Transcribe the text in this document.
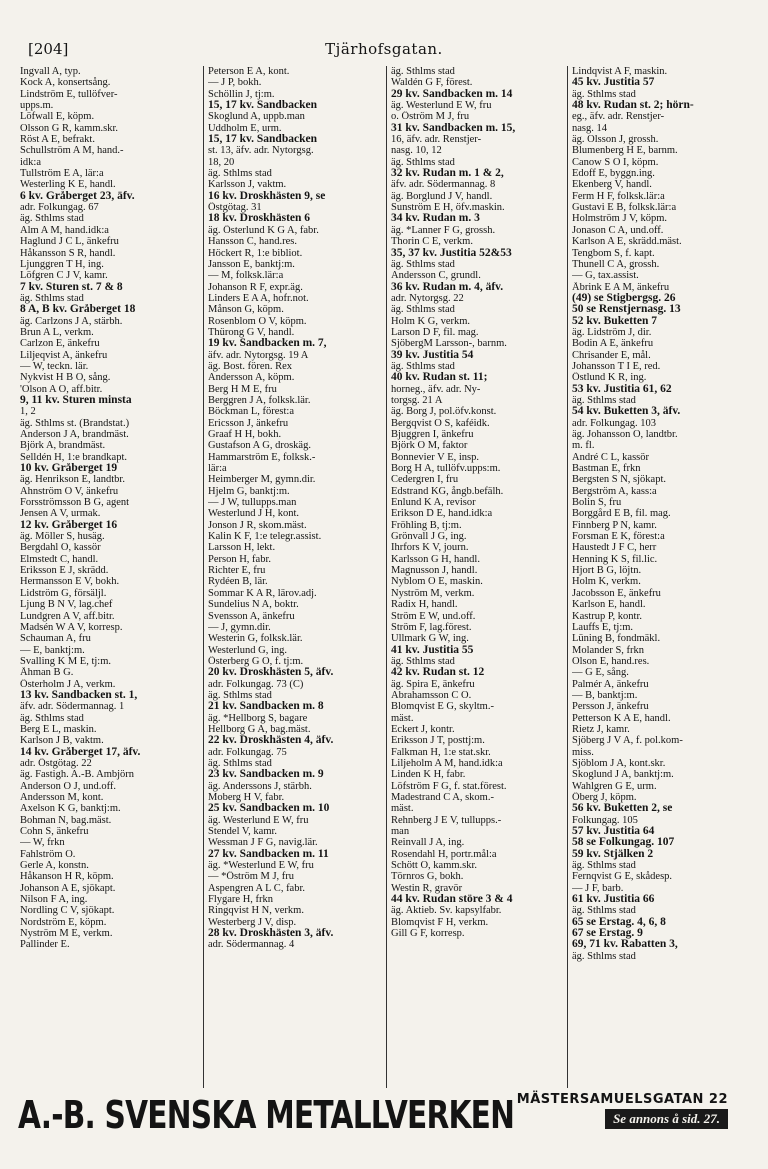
[204]	Tjärhofsgatan.
Ingvall A, typ.
Kock A, konsertsång.
Lindström E, tullöfver-
upps.m.
Löfwall E, köpm.
Olsson G R, kamm.skr.
Röst A E, befrakt.
Schullström A M, hand.-
idk:a
Tullström E A, lär:a
Westerling K E, handl.
6 kv. Gråberget 23, äfv.
adr. Folkungag. 67
äg. Sthlms stad
Alm A M, hand.idk:a
Haglund J C L, änkefru
Håkansson S R, handl.
Ljunggren T H, ing.
Löfgren C J V, kamr.
7 kv. Sturen st. 7 & 8
äg. Sthlms stad
8 A, B kv. Gråberget 18
äg. Carlzons J A, stärbh.
Brun A L, verkm.
Carlzon E, änkefru
Liljeqvist A, änkefru
— W, teckn. lär.
Nykvist H B O, sång.
'Olson A O, aff.bitr.
9, 11 kv. Sturen minsta
1, 2
äg. Sthlms st. (Brandstat.)
Anderson J A, brandmäst.
Björk A, brandmäst.
Selldén H, 1:e brandkapt.
10 kv. Gråberget 19
äg. Henrikson E, landtbr.
Ahnström O V, änkefru
Forsströmsson B G, agent
Jensen A V, urmak.
12 kv. Gråberget 16
äg. Möller S, husäg.
Bergdahl O, kassör
Elmstedt C, handl.
Eriksson E J, skrädd.
Hermansson E V, bokh.
Lidström G, försäljl.
Ljung B N V, lag.chef
Lundgren A V, aff.bitr.
Madsén W A V, korresp.
Schauman A, fru
— E, banktj:m.
Svalling K M E, tj:m.
Åhman B G.
Österholm J A, verkm.
13 kv. Sandbacken st. 1,
äfv. adr. Södermannag. 1
äg. Sthlms stad
Berg E L, maskin.
Karlson J B, vaktm.
14 kv. Gråberget 17, äfv.
adr. Östgötag. 22
äg. Fastigh. A.-B. Ambjörn
Anderson O J, und.off.
Andersson M, kont.
Axelson K G, banktj:m.
Bohman N, bag.mäst.
Cohn S, änkefru
— W, frkn
Fahlström O.
Gerle A, konstn.
Håkanson H R, köpm.
Johanson A E, sjökapt.
Nilson F A, ing.
Nordling C V, sjökapt.
Nordström E, köpm.
Nyström M E, verkm.
Pallinder E.
Peterson E A, kont.
— J P, bokh.
Schöllin J, tj:m.
15, 17 kv. Sandbacken
Skoglund A, uppb.man
Uddholm E, urm.
15, 17 kv. Sandbacken
st. 13, äfv. adr. Nytorgsg.
18, 20
äg. Sthlms stad
Karlsson J, vaktm.
16 kv. Droskhästen 9, se
Östgötag. 31
18 kv. Droskhästen 6
äg. Österlund K G A, fabr.
Hansson C, hand.res.
Höckert R, 1:e bibliot.
Jansson E, banktj:m.
— M, folksk.lär:a
Johanson R F, expr.äg.
Linders E A A, hofr.not.
Månson G, köpm.
Rosenblom O V, köpm.
Thürong G V, handl.
19 kv. Sandbacken m. 7,
äfv. adr. Nytorgsg. 19 A
äg. Bost. fören. Rex
Andersson A, köpm.
Berg H M E, fru
Berggren J A, folksk.lär.
Böckman L, förest:a
Ericsson J, änkefru
Graaf H H, bokh.
Gustafson A G, droskäg.
Hammarström E, folksk.-
lär:a
Heimberger M, gymn.dir.
Hjelm G, banktj:m.
— J W, tullupps.man
Westerlund J H, kont.
Jonson J R, skom.mäst.
Kalin K F, 1:e telegr.assist.
Larsson H, lekt.
Person H, fabr.
Richter E, fru
Rydéen B, lär.
Sommar K A R, lärov.adj.
Sundelius N A, boktr.
Svensson A, änkefru
— J, gymn.dir.
Westerin G, folksk.lär.
Westerlund G, ing.
Österberg G O, f. tj:m.
20 kv. Droskhästen 5, äfv.
adr. Folkungag. 73 (C)
äg. Sthlms stad
21 kv. Sandbacken m. 8
äg. *Hellborg S, bagare
Hellborg G A, bag.mäst.
22 kv. Droskhästen 4, äfv.
adr. Folkungag. 75
äg. Sthlms stad
23 kv. Sandbacken m. 9
äg. Anderssons J, stärbh.
Moberg H V, fabr.
25 kv. Sandbacken m. 10
äg. Westerlund E W, fru
Stendel V, kamr.
Wessman J F G, navig.lär.
27 kv. Sandbacken m. 11
äg. *Westerlund E W, fru
— *Öström M J, fru
Aspengren A L C, fabr.
Flygare H, frkn
Ringqvist H N, verkm.
Westerberg J V, disp.
28 kv. Droskhästen 3, äfv.
adr. Södermannag. 4
äg. Sthlms stad
Waldén G F, förest.
29 kv. Sandbacken m. 14
äg. Westerlund E W, fru
o. Öström M J, fru
31 kv. Sandbacken m. 15,
16, äfv. adr. Renstjer-
nasg. 10, 12
äg. Sthlms stad
32 kv. Rudan m. 1 & 2,
äfv. adr. Södermannag. 8
äg. Borglund J V, handl.
Sunström E H, öfv.maskin.
34 kv. Rudan m. 3
äg. *Lanner F G, grossh.
Thorin C E, verkm.
35, 37 kv. Justitia 52&53
äg. Sthlms stad
Andersson C, grundl.
36 kv. Rudan m. 4, äfv.
adr. Nytorgsg. 22
äg. Sthlms stad
Holm K G, verkm.
Larson D F, fil. mag.
SjöbergM Larsson-, barnm.
39 kv. Justitia 54
äg. Sthlms stad
40 kv. Rudan st. 11;
horneg., äfv. adr. Ny-
torgsg. 21 A
äg. Borg J, pol.öfv.konst.
Bergqvist O S, kaféidk.
Bjuggren I, änkefru
Björk O M, faktor
Bonnevier V E, insp.
Borg H A, tullöfv.upps:m.
Cedergren I, fru
Edstrand KG, ångb.befälh.
Enlund K A, revisor
Erikson D E, hand.idk:a
Fröhling B, tj:m.
Grönvall J G, ing.
Ihrfors K V, journ.
Karlsson G H, handl.
Magnusson J, handl.
Nyblom O E, maskin.
Nyström M, verkm.
Radix H, handl.
Ström E W, und.off.
Ström F, lag.förest.
Ullmark G W, ing.
41 kv. Justitia 55
äg. Sthlms stad
42 kv. Rudan st. 12
äg. Spira E, änkefru
Abrahamsson C O.
Blomqvist E G, skyltm.-
mäst.
Eckert J, kontr.
Eriksson J T, posttj:m.
Falkman H, 1:e stat.skr.
Liljeholm A M, hand.idk:a
Linden K H, fabr.
Löfström F G, f. stat.förest.
Madestrand C A, skom.-
mäst.
Rehnberg J E V, tullupps.-
man
Reinvall J A, ing.
Rosendahl H, portr.mål:a
Schött O, kamm.skr.
Törnros G, bokh.
Westin R, gravör
44 kv. Rudan störe 3 & 4
äg. Aktieb. Sv. kapsylfabr.
Blomqvist F H, verkm.
Gill G F, korresp.
Lindqvist A F, maskin.
45 kv. Justitia 57
äg. Sthlms stad
48 kv. Rudan st. 2; hörn-
eg., äfv. adr. Renstjer-
nasg. 14
äg. Olsson J, grossh.
Blumenberg H E, barnm.
Canow S O I, köpm.
Edoff E, byggn.ing.
Ekenberg V, handl.
Ferm H F, folksk.lär:a
Gustavi E B, folksk.lär:a
Holmström J V, köpm.
Jonason C A, und.off.
Karlson A E, skrädd.mäst.
Tengbom S, f. kapt.
Thunell C A, grossh.
— G, tax.assist.
Åbrink E A M, änkefru
(49) se Stigbergsg. 26
50 se Renstjernasg. 13
52 kv. Buketten 7
äg. Lidström J, dir.
Bodin A E, änkefru
Chrisander E, mål.
Johansson T I E, red.
Östlund K R, ing.
53 kv. Justitia 61, 62
äg. Sthlms stad
54 kv. Buketten 3, äfv.
adr. Folkungag. 103
äg. Johansson O, landtbr.
m. fl.
André C L, kassör
Bastman E, frkn
Bergsten S N, sjökapt.
Bergström A, kass:a
Bolin S, fru
Borggård E B, fil. mag.
Finnberg P N, kamr.
Forsman E K, förest:a
Haustedt J F C, herr
Henning K S, fil.lic.
Hjort B G, löjtn.
Holm K, verkm.
Jacobsson E, änkefru
Karlson E, handl.
Kastrup P, kontr.
Lauffs E, tj:m.
Lüning B, fondmäkl.
Molander S, frkn
Olson E, hand.res.
— G E, sång.
Palmér A, änkefru
— B, banktj:m.
Persson J, änkefru
Petterson K A E, handl.
Rietz J, kamr.
Sjöberg J V A, f. pol.kom-
miss.
Sjöblom J A, kont.skr.
Skoglund J A, banktj:m.
Wahlgren G E, urm.
Öberg J, köpm.
56 kv. Buketten 2, se
Folkungag. 105
57 kv. Justitia 64
58 se Folkungag. 107
59 kv. Stjälken 2
äg. Sthlms stad
Fernqvist G E, skådesp.
— J F, barb.
61 kv. Justitia 66
äg. Sthlms stad
65 se Erstag. 4, 6, 8
67 se Erstag. 9
69, 71 kv. Rabatten 3,
äg. Sthlms stad
A.-B. SVENSKA METALLVERKEN MÄSTERSAMUELSGATAN 22
Se annons å sid. 27.
